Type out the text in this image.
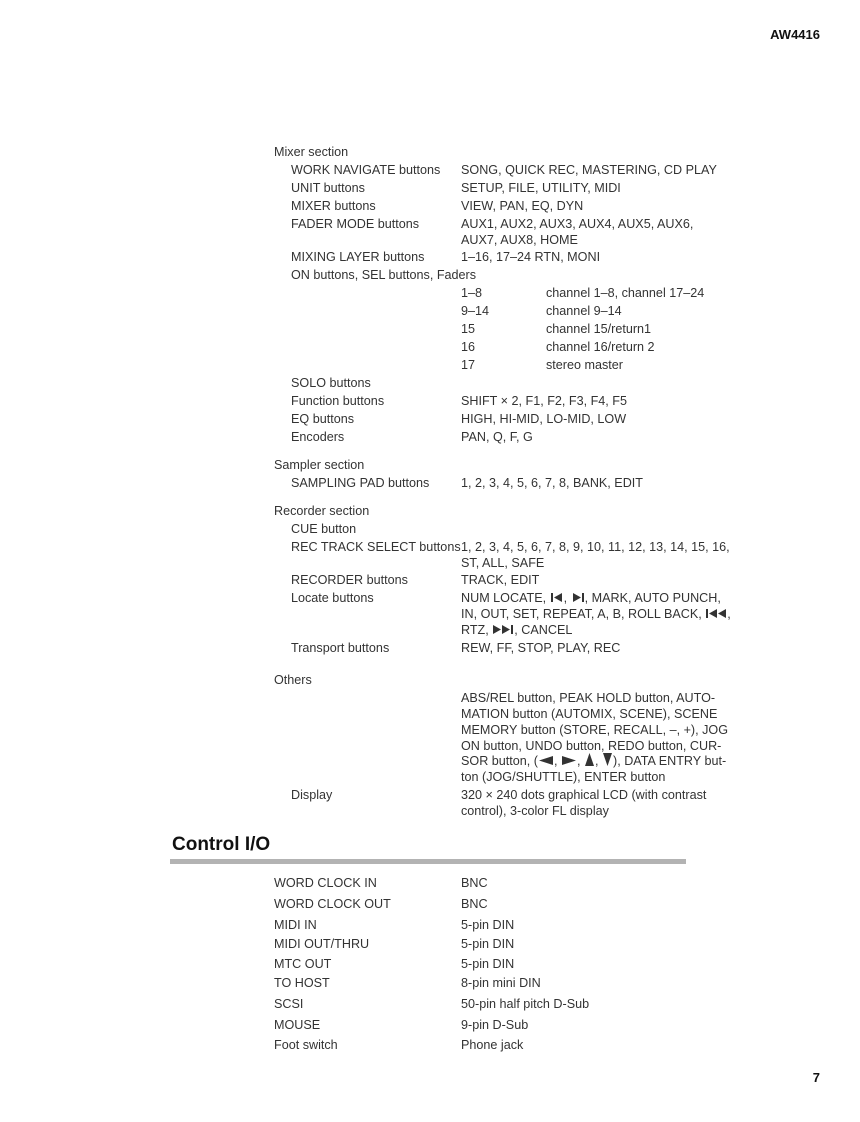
AW4416
Mixer section
WORK NAVIGATE buttons SONG, QUICK REC, MASTERING, CD PLAY
UNIT buttons	SETUP, FILE, UTILITY, MIDI
MIXER buttons	VIEW, PAN, EQ, DYN
FADER MODE buttons	AUX1, AUX2, AUX3, AUX4, AUX5, AUX6, AUX7, AUX8, HOME
MIXING LAYER buttons	1–16, 17–24 RTN, MONI
ON buttons, SEL buttons, Faders
1–8	channel 1–8, channel 17–24
9–14	channel 9–14
15	channel 15/return1
16	channel 16/return 2
17	stereo master
SOLO buttons
Function buttons	SHIFT × 2, F1, F2, F3, F4, F5
EQ buttons	HIGH, HI-MID, LO-MID, LOW
Encoders	PAN, Q, F, G
Sampler section
SAMPLING PAD buttons	1, 2, 3, 4, 5, 6, 7, 8, BANK, EDIT
Recorder section
CUE button
REC TRACK SELECT buttons 1, 2, 3, 4, 5, 6, 7, 8, 9, 10, 11, 12, 13, 14, 15, 16, ST, ALL, SAFE
RECORDER buttons	TRACK, EDIT
Locate buttons	NUM LOCATE, , , MARK, AUTO PUNCH,
IN, OUT, SET, REPEAT, A, B, ROLL BACK, ,
RTZ, , CANCEL
Transport buttons	REW, FF, STOP, PLAY, REC
Others
ABS/REL button, PEAK HOLD button, AUTO-
MATION button (AUTOMIX, SCENE), SCENE
MEMORY button (STORE, RECALL, –, +), JOG
ON button, UNDO button, REDO button, CUR-
SOR button, ( , , , ), DATA ENTRY but-
ton (JOG/SHUTTLE), ENTER button
Display	320 × 240 dots graphical LCD (with contrast control), 3-color FL display
Control I/O
WORD CLOCK IN	BNC
WORD CLOCK OUT	BNC
MIDI IN	5-pin DIN
MIDI OUT/THRU	5-pin DIN
MTC OUT	5-pin DIN
TO HOST	8-pin mini DIN
SCSI	50-pin half pitch D-Sub
MOUSE	9-pin D-Sub
Foot switch	Phone jack
7
